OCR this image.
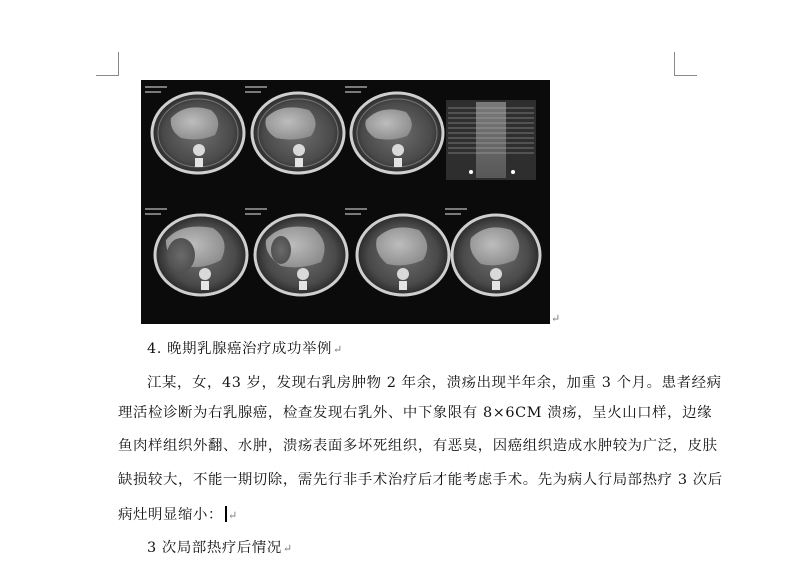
↵
4. 晚期乳腺癌治疗成功举例↵
江某，女，43 岁，发现右乳房肿物 2 年余，溃疡出现半年余，加重 3 个月。患者经病
理活检诊断为右乳腺癌，检查发现右乳外、中下象限有 8×6CM 溃疡，呈火山口样，边缘
鱼肉样组织外翻、水肿，溃疡表面多坏死组织，有恶臭，因癌组织造成水肿较为广泛，皮肤
缺损较大，不能一期切除，需先行非手术治疗后才能考虑手术。先为病人行局部热疗 3 次后
病灶明显缩小： ↵
3 次局部热疗后情况↵
